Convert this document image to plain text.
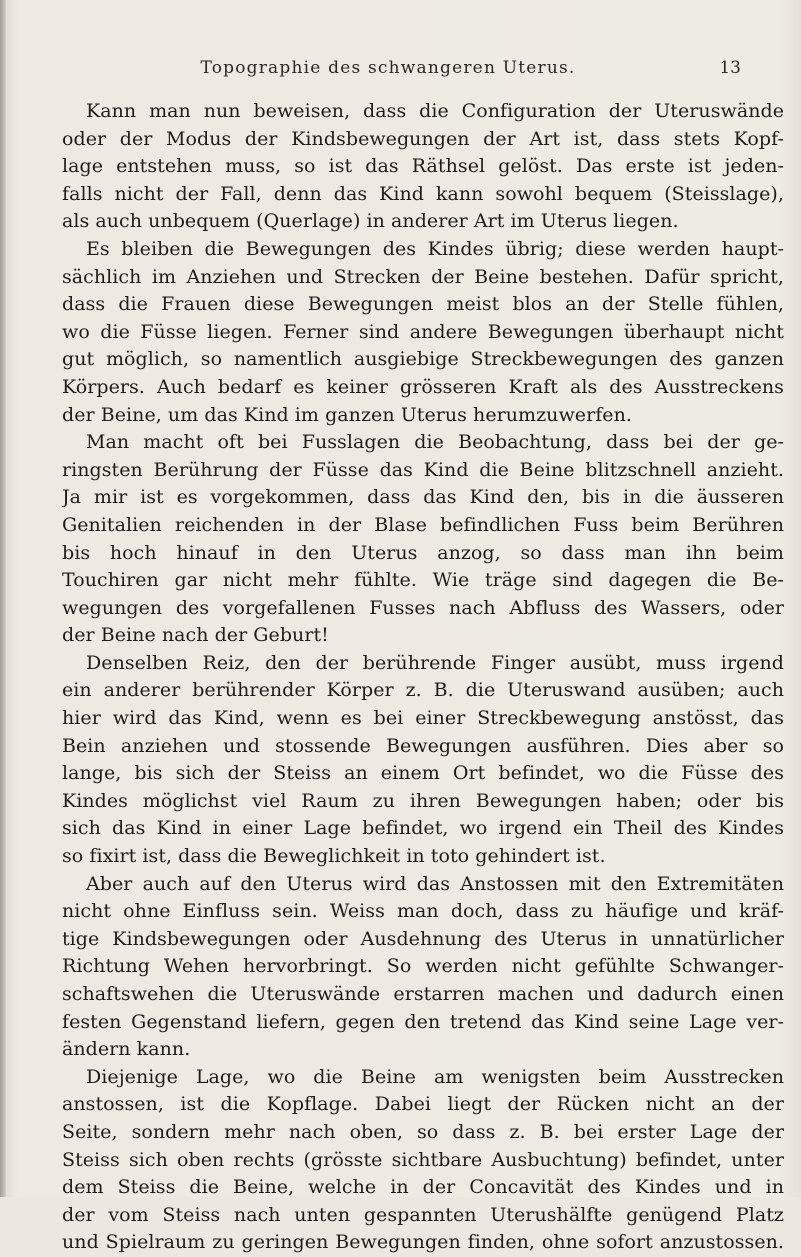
Topographie des schwangeren Uterus.	13
Kann man nun beweisen, dass die Configuration der Uteruswände
oder der Modus der Kindsbewegungen der Art ist, dass stets Kopf-
lage entstehen muss, so ist das Räthsel gelöst. Das erste ist jeden-
falls nicht der Fall, denn das Kind kann sowohl bequem (Steisslage),
als auch unbequem (Querlage) in anderer Art im Uterus liegen.
Es bleiben die Bewegungen des Kindes übrig; diese werden haupt-
sächlich im Anziehen und Strecken der Beine bestehen. Dafür spricht,
dass die Frauen diese Bewegungen meist blos an der Stelle fühlen,
wo die Füsse liegen. Ferner sind andere Bewegungen überhaupt nicht
gut möglich, so namentlich ausgiebige Streckbewegungen des ganzen
Körpers. Auch bedarf es keiner grösseren Kraft als des Ausstreckens
der Beine, um das Kind im ganzen Uterus herumzuwerfen.
Man macht oft bei Fusslagen die Beobachtung, dass bei der ge-
ringsten Berührung der Füsse das Kind die Beine blitzschnell anzieht.
Ja mir ist es vorgekommen, dass das Kind den, bis in die äusseren
Genitalien reichenden in der Blase befindlichen Fuss beim Berühren
bis hoch hinauf in den Uterus anzog, so dass man ihn beim
Touchiren gar nicht mehr fühlte. Wie träge sind dagegen die Be-
wegungen des vorgefallenen Fusses nach Abfluss des Wassers, oder
der Beine nach der Geburt!
Denselben Reiz, den der berührende Finger ausübt, muss irgend
ein anderer berührender Körper z. B. die Uteruswand ausüben; auch
hier wird das Kind, wenn es bei einer Streckbewegung anstösst, das
Bein anziehen und stossende Bewegungen ausführen. Dies aber so
lange, bis sich der Steiss an einem Ort befindet, wo die Füsse des
Kindes möglichst viel Raum zu ihren Bewegungen haben; oder bis
sich das Kind in einer Lage befindet, wo irgend ein Theil des Kindes
so fixirt ist, dass die Beweglichkeit in toto gehindert ist.
Aber auch auf den Uterus wird das Anstossen mit den Extremitäten
nicht ohne Einfluss sein. Weiss man doch, dass zu häufige und kräf-
tige Kindsbewegungen oder Ausdehnung des Uterus in unnatürlicher
Richtung Wehen hervorbringt. So werden nicht gefühlte Schwanger-
schaftswehen die Uteruswände erstarren machen und dadurch einen
festen Gegenstand liefern, gegen den tretend das Kind seine Lage ver-
ändern kann.
Diejenige Lage, wo die Beine am wenigsten beim Ausstrecken
anstossen, ist die Kopflage. Dabei liegt der Rücken nicht an der
Seite, sondern mehr nach oben, so dass z. B. bei erster Lage der
Steiss sich oben rechts (grösste sichtbare Ausbuchtung) befindet, unter
dem Steiss die Beine, welche in der Concavität des Kindes und in
der vom Steiss nach unten gespannten Uterushälfte genügend Platz
und Spielraum zu geringen Bewegungen finden, ohne sofort anzustossen.
